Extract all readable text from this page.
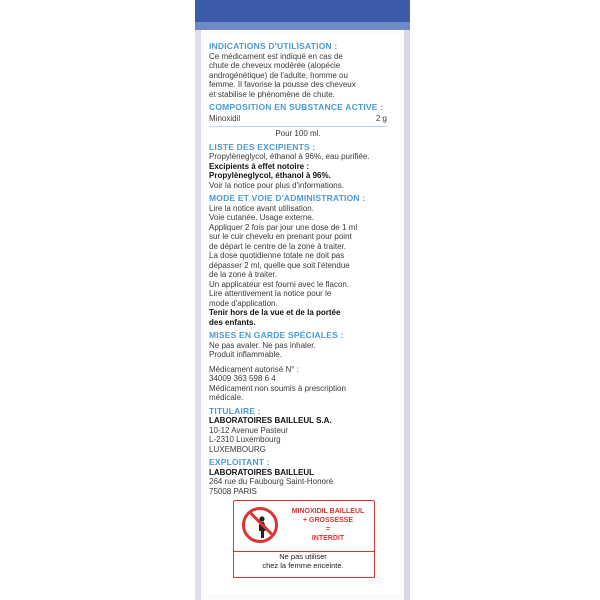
INDICATIONS D'UTILISATION :

Ce médicament est indiqué en cas de

chute de cheveux modérée (alopécie

androgénétique) de l'adulte, homme ou

femme. Il favorise la pousse des cheveux

et stabilise le phénomène de chute.

COMPOSITION EN SUBSTANCE ACTIVE :
Minoxidil	2 g
Pour 100 ml.
LISTE DES EXCIPIENTS :

Propylèneglycol, éthanol à 96%, eau purifiée.

Excipients à effet notoire :

Propylèneglycol, éthanol à 96%.

Voir la notice pour plus d'informations.

MODE ET VOIE D'ADMINISTRATION :

Lire la notice avant utilisation.

Voie cutanée. Usage externe.

Appliquer 2 fois par jour une dose de 1 ml

sur le cuir chevelu en prenant pour point

de départ le centre de la zone à traiter.

La dose quotidienne totale ne doit pas

dépasser 2 ml, quelle que soit l'étendue

de la zone à traiter.

Un applicateur est fourni avec le flacon.

Lire attentivement la notice pour le

mode d'application.

Tenir hors de la vue et de la portée

des enfants.

MISES EN GARDE SPÉCIALES :

Ne pas avaler. Ne pas inhaler.

Produit inflammable.

Médicament autorisé N° :

34009 363 598 6 4

Médicament non soumis à prescription

médicale.

TITULAIRE :

LABORATOIRES BAILLEUL S.A.

10-12 Avenue Pasteur

L-2310 Luxembourg

LUXEMBOURG

EXPLOITANT :

LABORATOIRES BAILLEUL

264 rue du Faubourg Saint-Honoré

75008 PARIS

MINOXIDIL BAILLEUL
+ GROSSESSE
=
INTERDIT
Ne pas utiliser
chez la femme enceinte.
